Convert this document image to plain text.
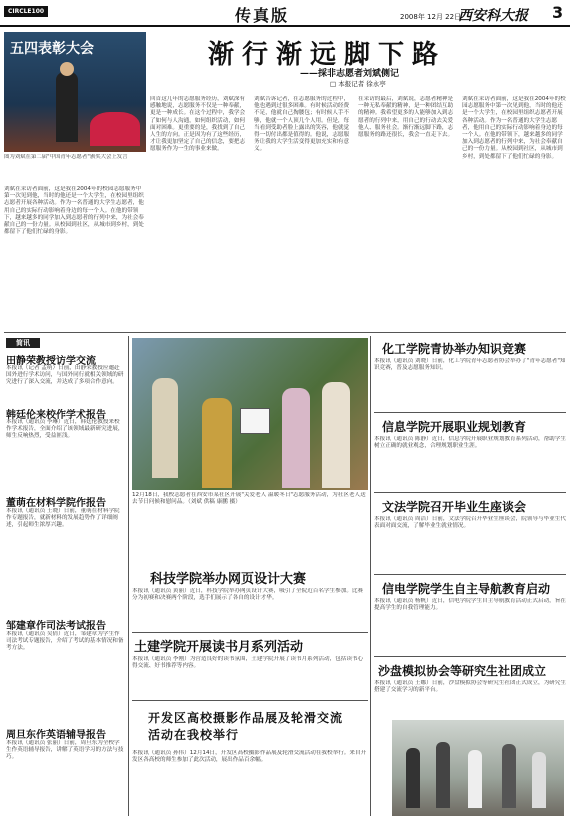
CIRCLE100	传真版	2008年 12月 22日
西安科大报 3
五四表彰大会
图为刘斌在第二届"中国青年志愿者"颁奖大会上发言
渐行渐远脚下路
——採非志愿者刘斌侧记
□ 本报记者 徐永亭
刘斌在采访者面前，这是我在2004年的校园志愿服务中第一次见到他，当时的他还是一个大学生，在校园里组织志愿者开展各种活动。作为一名普通的大学生志愿者，他用自己的实际行动影响着身边的每一个人。在他的带领下，越来越多的同学加入到志愿者的行列中来，为社会奉献自己的一份力量。从校园到社区，从城市到乡村，到处都留下了他们忙碌的身影。
回首这几年的志愿服务经历，刘斌深有感触地说，志愿服务不仅是一种奉献，更是一种成长。在这个过程中，我学会了如何与人沟通，如何组织活动，如何面对困难。更重要的是，我找到了自己人生的方向。正是因为有了这些经历，才让我更加坚定了自己的信念，要把志愿服务作为一生的事业来做。
刘斌告诉记者，在志愿服务的过程中，他也遇到过很多困难。有时候活动经费不足，他就自己掏腰包；有时候人手不够，他就一个人顶几个人用。但是，每当看到受助者脸上露出的笑容，他就觉得一切付出都是值得的。他说，志愿服务让我的大学生活变得更加充实和有意义。
在采访的最后，刘斌说，志愿者精神是一种无私奉献的精神，是一种团结互助的精神。我希望更多的人能够加入到志愿者的行列中来，用自己的行动去关爱他人、服务社会。渐行渐远脚下路，志愿服务的路还很长，我会一直走下去。
刘斌在采访者面前，这是我在2004年的校园志愿服务中第一次见到他，当时的他还是一个大学生，在校园里组织志愿者开展各种活动。作为一名普通的大学生志愿者，他用自己的实际行动影响着身边的每一个人。在他的带领下，越来越多的同学加入到志愿者的行列中来，为社会奉献自己的一份力量。从校园到社区，从城市到乡村，到处都留下了他们忙碌的身影。
简讯
田静荣教授访学交流
本报讯（记者 孟萌）日前，田静荣教授应邀赴国外进行学术访问，与国外同行就相关领域的研究进行了深入交流，并达成了多项合作意向。
韩廷伦来校作学术报告
本报讯（通讯员 李琳）近日，韩廷伦教授来校作学术报告，全面介绍了该领域最新研究进展，师生反响热烈，受益匪浅。
董萌在材料学院作报告
本报讯（通讯员 王晓）日前，董萌在材料学院作专题报告，就新材料的发展趋势作了详细阐述，引起师生浓厚兴趣。
邹建章作司法考试报告
本报讯（通讯员 吴倩）近日，邹建章为学生作司法考试专题报告，介绍了考试的基本情况和备考方法。
周旦东作英语辅导报告
本报讯（通讯员 张丽）日前，周旦东为全校学生作英语辅导报告，讲解了英语学习的方法与技巧。
12月18日，我校志愿者在西安市某社区开展"关爱老人 温暖冬日"志愿服务活动，为社区老人送去节日问候和慰问品。（刘斌 供稿 康鹏 摄）
科技学院举办网页设计大赛
本报讯（通讯员 黄丽）近日，科技学院举办网页设计大赛，吸引了全院近百名学生参加。比赛分为初赛和决赛两个阶段，选手们展示了各自的设计才华。
土建学院开展读书月系列活动
本报讯（通讯员 李刚）为营造良好的读书氛围，土建学院开展了读书月系列活动，包括读书心得交流、好书推荐等内容。
开发区高校摄影作品展及轮滑交流活动在我校举行
本报讯（通讯员 孙伟）12月14日，开发区高校摄影作品展及轮滑交流活动在我校举行。来自开发区各高校的师生参加了此次活动，展出作品百余幅。
化工学院青协举办知识竞赛
本报讯（通讯员 刘晓）日前，化工学院青年志愿者协会举办了"青年志愿者"知识竞赛，普及志愿服务知识。
信息学院开展职业规划教育
本报讯（通讯员 陈静）近日，信息学院开展职业规划教育系列活动，帮助学生树立正确的就业观念，合理规划职业生涯。
文法学院召开毕业生座谈会
本报讯（通讯员 周洁）日前，文法学院召开毕业生座谈会，院领导与毕业生代表面对面交流，了解毕业生就业情况。
信电学院学生自主导航教育启动
本报讯（通讯员 杨帆）近日，信电学院学生自主导航教育活动正式启动，旨在提高学生的自我管理能力。
沙盘模拟协会等研究生社团成立
本报讯（通讯员 王娜）日前，沙盘模拟协会等研究生社团正式成立，为研究生搭建了交流学习的新平台。
